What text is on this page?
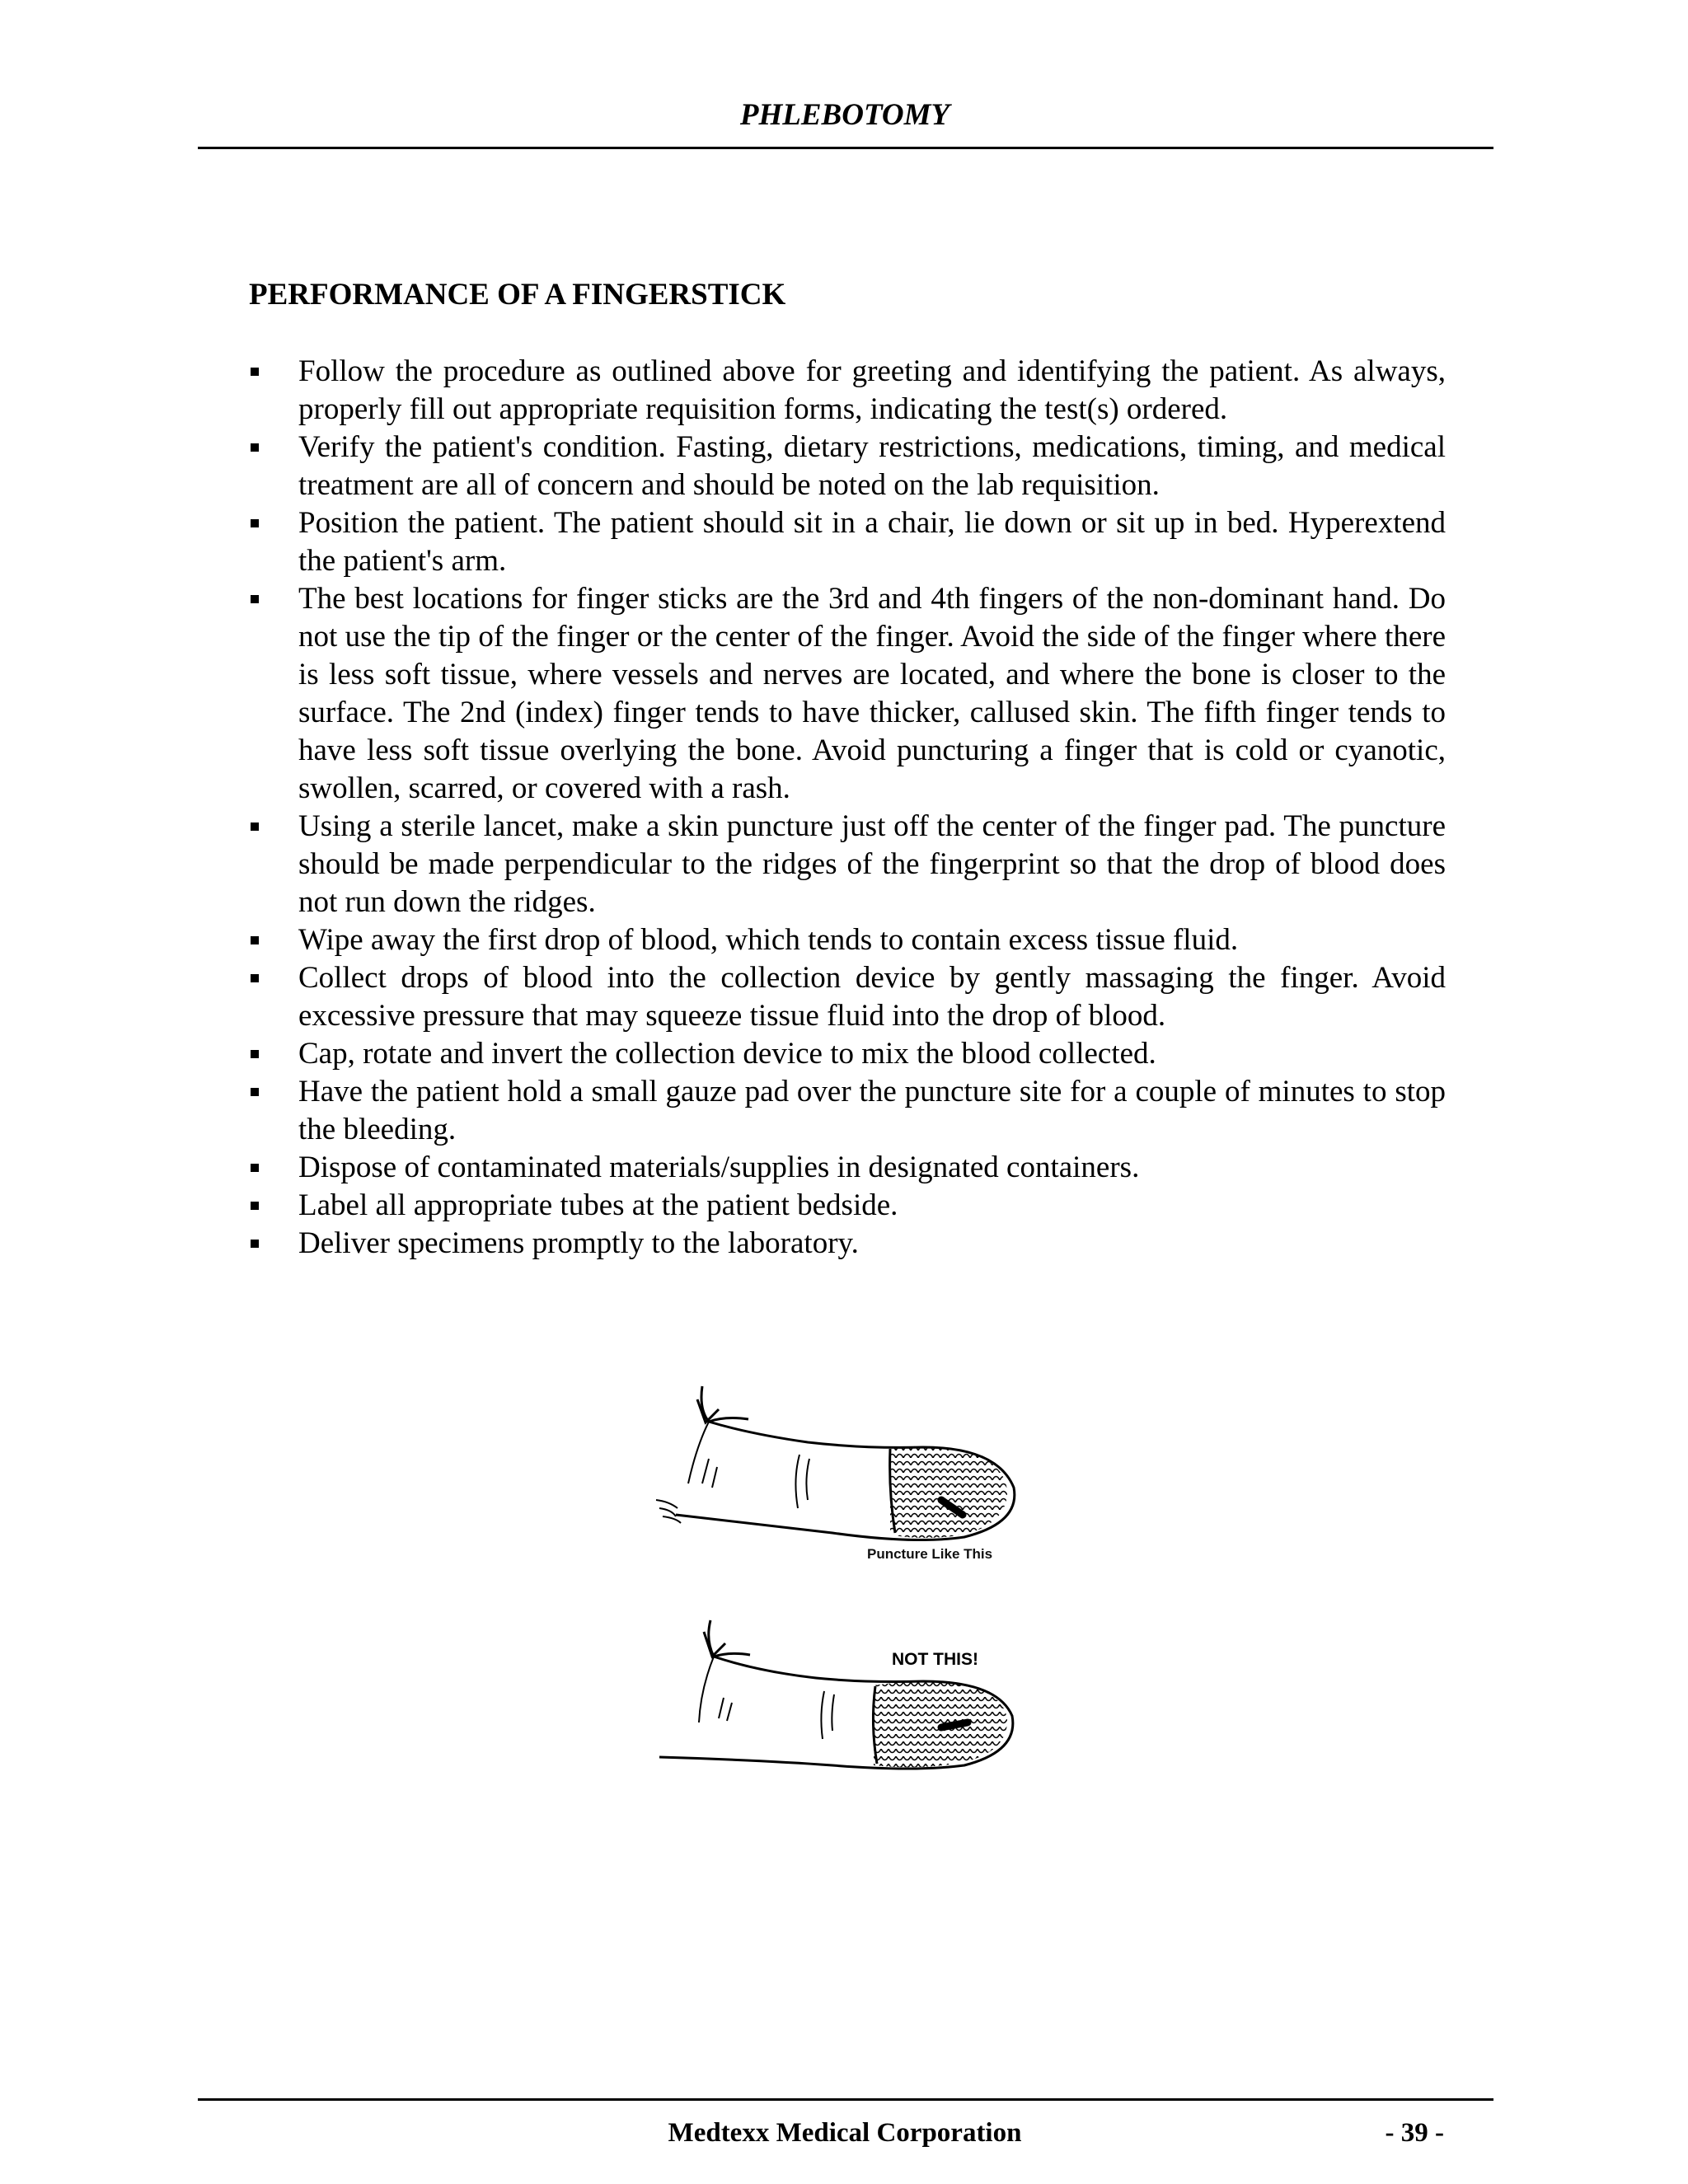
PHLEBOTOMY
PERFORMANCE OF A FINGERSTICK
Follow the procedure as outlined above for greeting and identifying the patient. As always, properly fill out appropriate requisition forms, indicating the test(s) ordered.
Verify the patient's condition. Fasting, dietary restrictions, medications, timing, and medical treatment are all of concern and should be noted on the lab requisition.
Position the patient. The patient should sit in a chair, lie down or sit up in bed. Hyperextend the patient's arm.
The best locations for finger sticks are the 3rd and 4th fingers of the non-dominant hand. Do not use the tip of the finger or the center of the finger. Avoid the side of the finger where there is less soft tissue, where vessels and nerves are located, and where the bone is closer to the surface. The 2nd (index) finger tends to have thicker, callused skin. The fifth finger tends to have less soft tissue overlying the bone. Avoid puncturing a finger that is cold or cyanotic, swollen, scarred, or covered with a rash.
Using a sterile lancet, make a skin puncture just off the center of the finger pad. The puncture should be made perpendicular to the ridges of the fingerprint so that the drop of blood does not run down the ridges.
Wipe away the first drop of blood, which tends to contain excess tissue fluid.
Collect drops of blood into the collection device by gently massaging the finger. Avoid excessive pressure that may squeeze tissue fluid into the drop of blood.
Cap, rotate and invert the collection device to mix the blood collected.
Have the patient hold a small gauze pad over the puncture site for a couple of minutes to stop the bleeding.
Dispose of contaminated materials/supplies in designated containers.
Label all appropriate tubes at the patient bedside.
Deliver specimens promptly to the laboratory.
Puncture Like This
NOT THIS!
Medtexx Medical Corporation	- 39 -
